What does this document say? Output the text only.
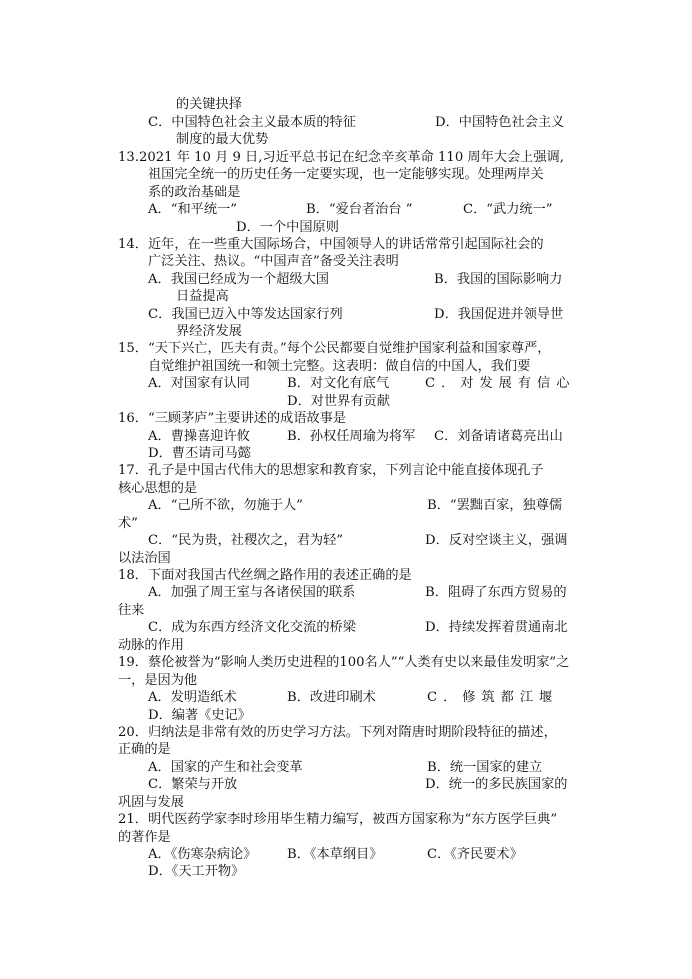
的关键抉择
C．中国特色社会主义最本质的特征	D．中国特色社会主义
制度的最大优势
13.2021 年 10 月 9 日,习近平总书记在纪念辛亥革命 110 周年大会上强调,
祖国完全统一的历史任务一定要实现，也一定能够实现。处理两岸关
系的政治基础是
A．“和平统一”	B．“爱台者治台 ”	C．“武力统一”
D．一个中国原则
14．近年，在一些重大国际场合，中国领导人的讲话常常引起国际社会的
广泛关注、热议。“中国声音”备受关注表明
A．我国已经成为一个超级大国	B．我国的国际影响力
日益提高
C．我国已迈入中等发达国家行列	D．我国促进并领导世
界经济发展
15．“天下兴亡，匹夫有责。”每个公民都要自觉维护国家利益和国家尊严，
自觉维护祖国统一和领土完整。这表明：做自信的中国人，我们要
A．对国家有认同	B．对文化有底气	C．对发展有信心
D．对世界有贡献
16．“三顾茅庐”主要讲述的成语故事是
A．曹操喜迎许攸	B．孙权任周瑜为将军 C．刘备请诸葛亮出山
D．曹丕请司马懿
17．孔子是中国古代伟大的思想家和教育家，下列言论中能直接体现孔子
核心思想的是
A．“己所不欲，勿施于人”	B．“罢黜百家，独尊儒
术”
C．“民为贵，社稷次之，君为轻”	D．反对空谈主义，强调
以法治国
18．下面对我国古代丝绸之路作用的表述正确的是
A．加强了周王室与各诸侯国的联系	B．阻碍了东西方贸易的
往来
C．成为东西方经济文化交流的桥梁	D．持续发挥着贯通南北
动脉的作用
19．蔡伦被誉为“影响人类历史进程的100名人”“人类有史以来最佳发明家”之
一，是因为他
A．发明造纸术	B．改进印刷术	C．修筑都江堰
D．编著《史记》
20．归纳法是非常有效的历史学习方法。下列对隋唐时期阶段特征的描述，
正确的是
A．国家的产生和社会变革	B．统一国家的建立
C．繁荣与开放	D．统一的多民族国家的
巩固与发展
21．明代医药学家李时珍用毕生精力编写，被西方国家称为“东方医学巨典”
的著作是
A．《伤寒杂病论》 B．《本草纲目》	C．《齐民要术》
D．《天工开物》
